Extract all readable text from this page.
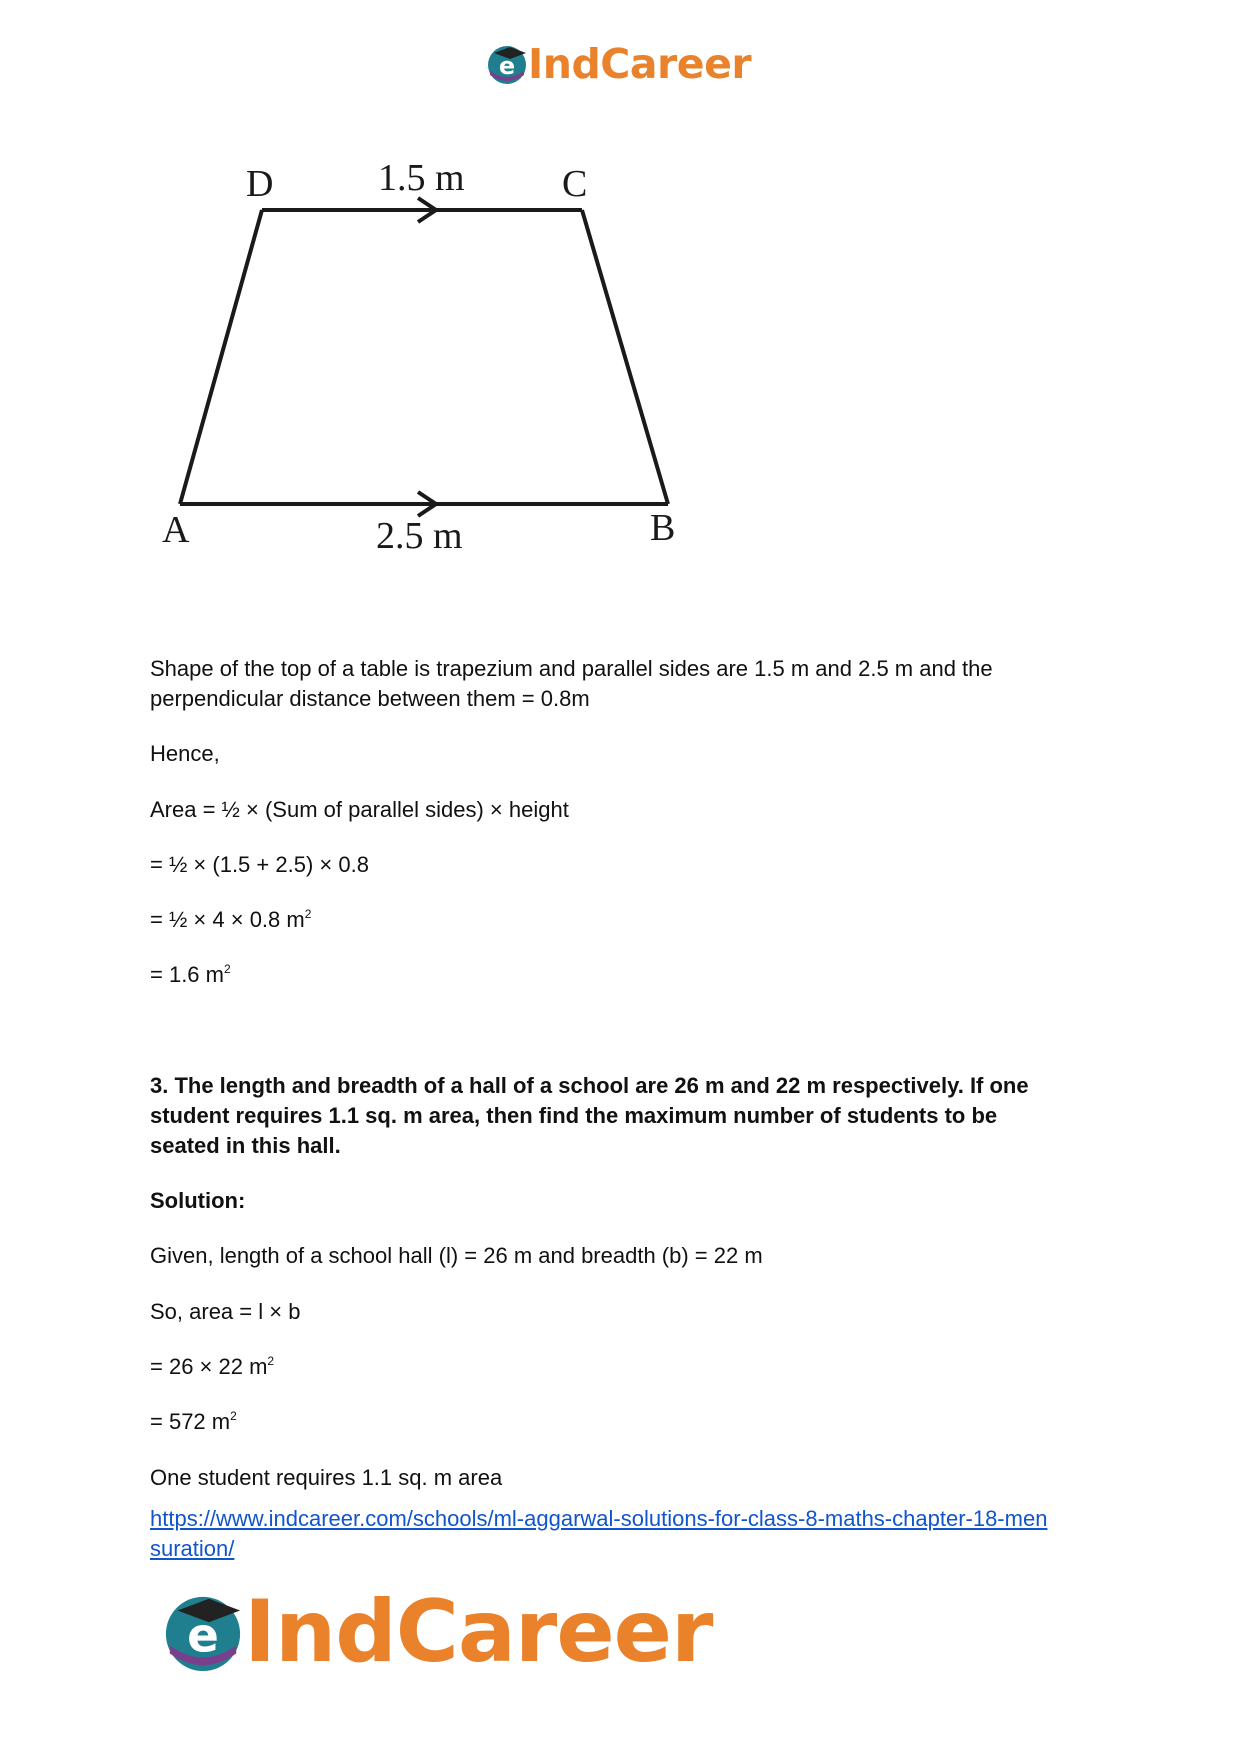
e IndCareer
D	1.5 m	C
A	2.5 m	B

Shape of the top of a table is trapezium and parallel sides are 1.5 m and 2.5 m and the

perpendicular distance between them = 0.8m

Hence,

Area = ½ × (Sum of parallel sides) × height

= ½ × (1.5 + 2.5) × 0.8

= ½ × 4 × 0.8 $m^2$

= 1.6 $m^2$

3. The length and breadth of a hall of a school are 26 m and 22 m respectively. If one

student requires 1.1 sq. m area, then find the maximum number of students to be

seated in this hall.

Solution:

Given, length of a school hall (l) = 26 m and breadth (b) = 22 m

So, area = l × b

= 26 × 22 $m^2$

= 572 $m^2$

One student requires 1.1 sq. m area

https://www.indcareer.com/schools/ml-aggarwal-solutions-for-class-8-maths-chapter-18-men
suration/

e IndCareer
